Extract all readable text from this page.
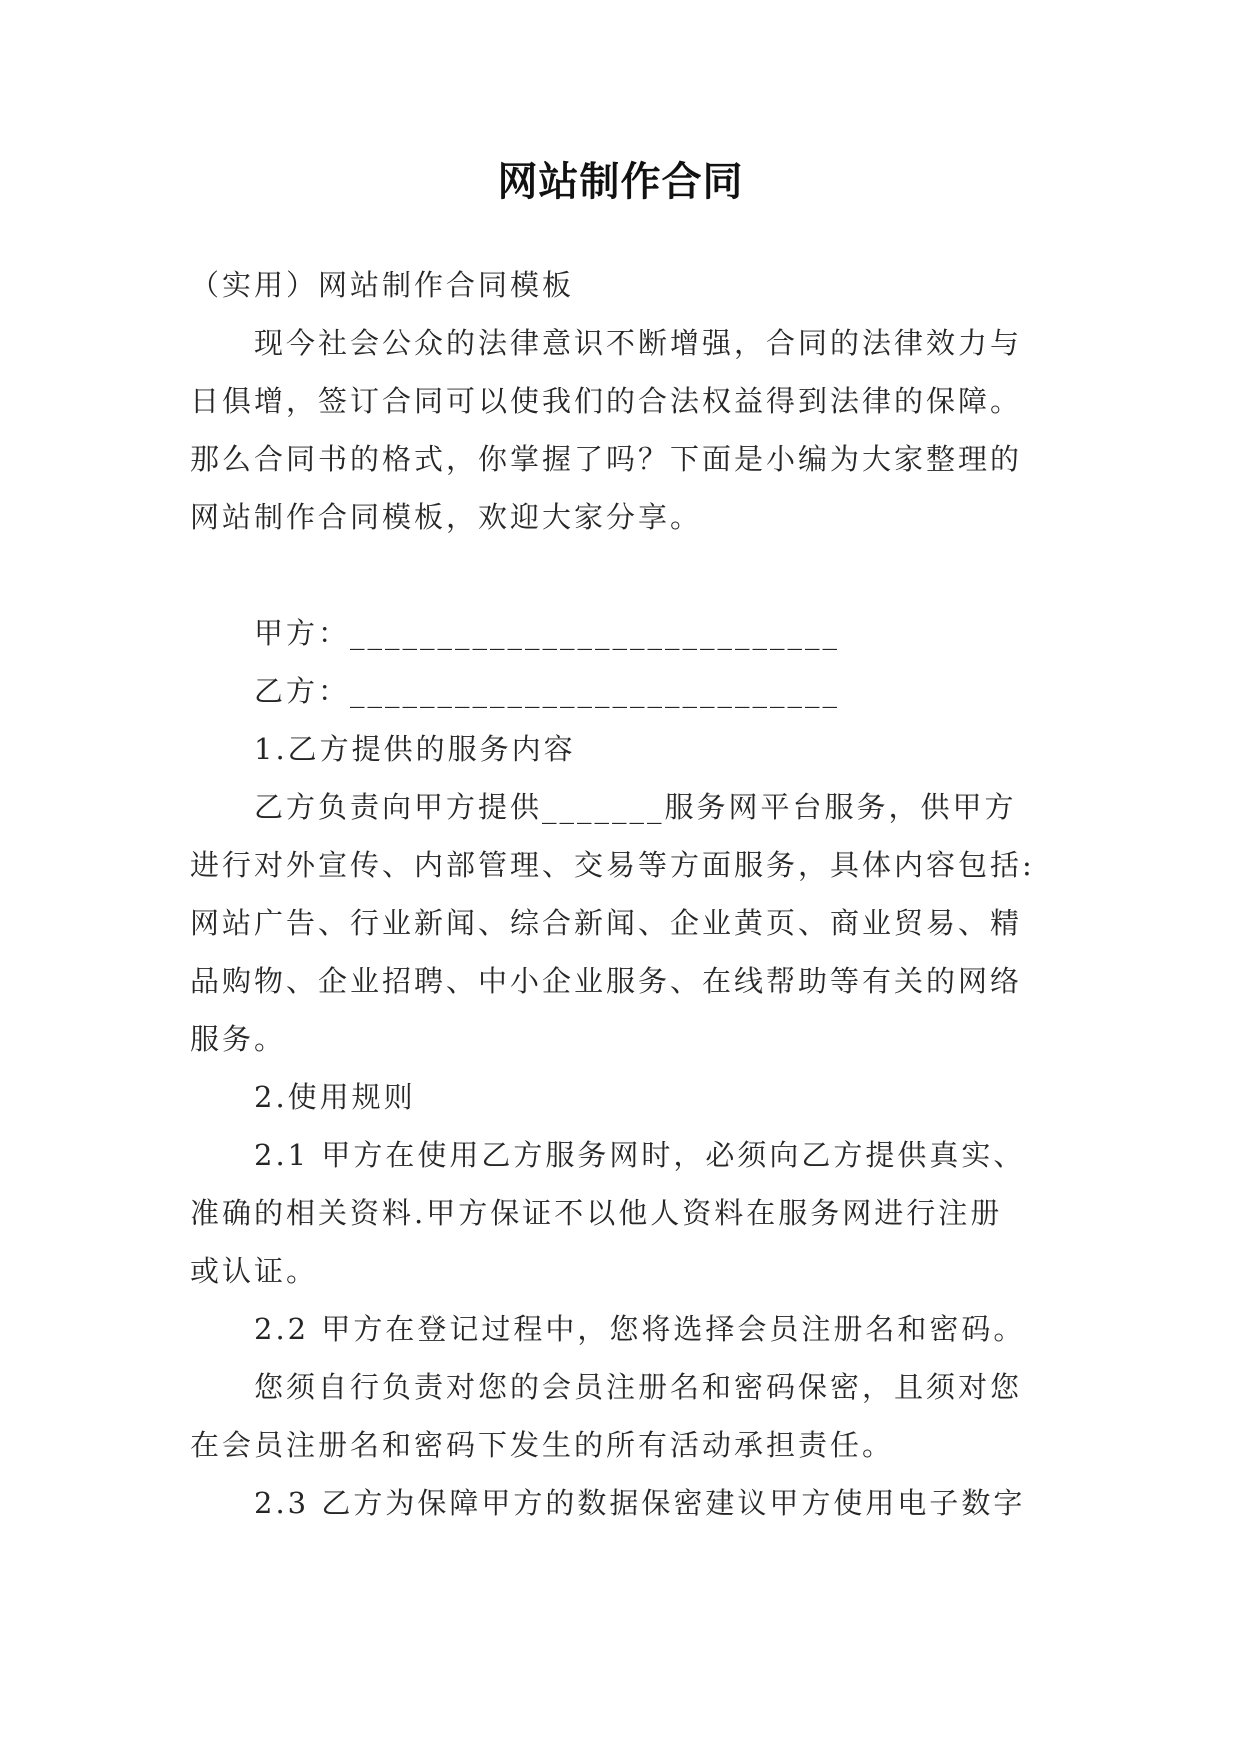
网站制作合同
（实用）网站制作合同模板
现今社会公众的法律意识不断增强，合同的法律效力与
日俱增，签订合同可以使我们的合法权益得到法律的保障。
那么合同书的格式，你掌握了吗？下面是小编为大家整理的
网站制作合同模板，欢迎大家分享。
甲方：____________________________
乙方：____________________________
1.乙方提供的服务内容
乙方负责向甲方提供_______服务网平台服务，供甲方
进行对外宣传、内部管理、交易等方面服务，具体内容包括:
网站广告、行业新闻、综合新闻、企业黄页、商业贸易、精
品购物、企业招聘、中小企业服务、在线帮助等有关的网络
服务。
2.使用规则
2.1 甲方在使用乙方服务网时，必须向乙方提供真实、
准确的相关资料.甲方保证不以他人资料在服务网进行注册
或认证。
2.2 甲方在登记过程中，您将选择会员注册名和密码。
您须自行负责对您的会员注册名和密码保密，且须对您
在会员注册名和密码下发生的所有活动承担责任。
2.3 乙方为保障甲方的数据保密建议甲方使用电子数字
